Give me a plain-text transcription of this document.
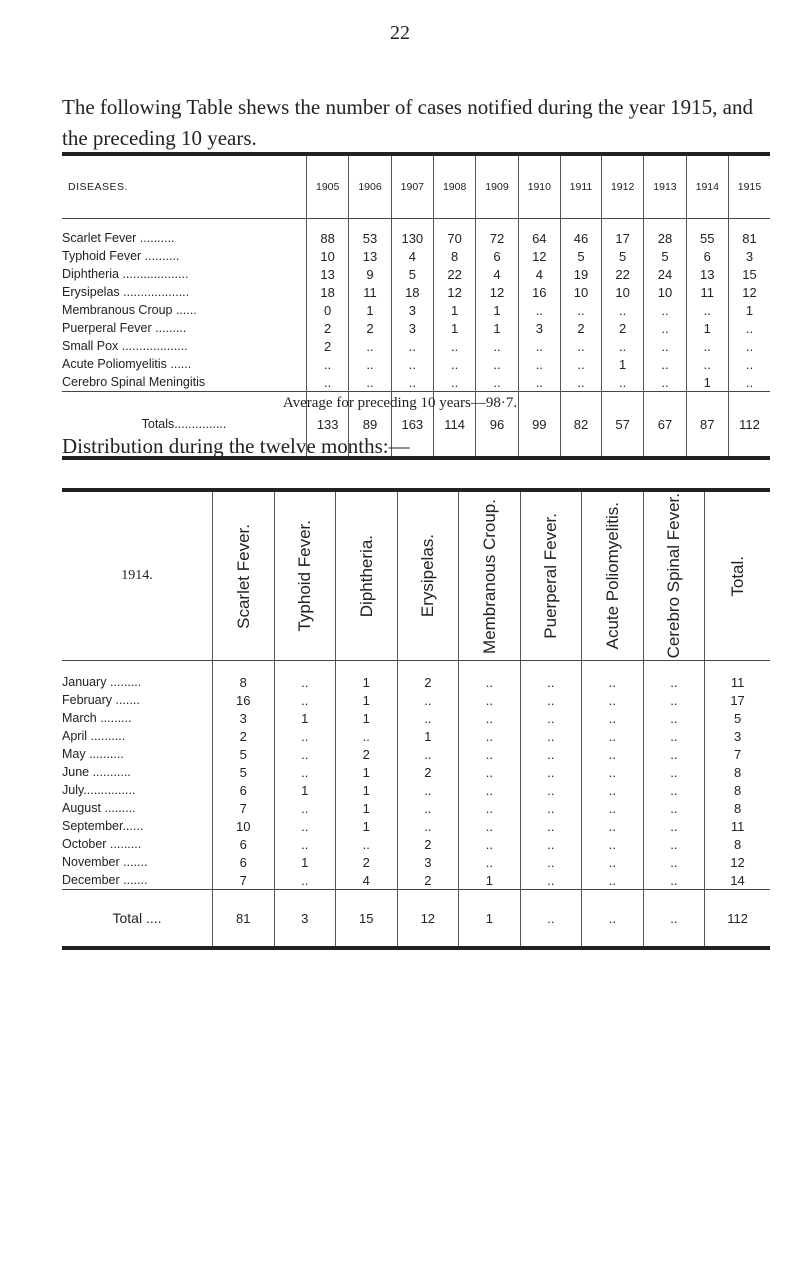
22
The following Table shews the number of cases notified during the year 1915, and the preceding 10 years.
DISEASES.	1905	1906	1907	1908	1909	1910	1911	1912	1913	1914	1915
Scarlet Fever ..........	88	53	130	70	72	64	46	17	28	55	81
Typhoid Fever ..........	10	13	4	8	6	12	5	5	5	6	3
Diphtheria ...................	13	9	5	22	4	4	19	22	24	13	15
Erysipelas ...................	18	11	18	12	12	16	10	10	10	11	12
Membranous Croup ......	0	1	3	1	1	..	..	..	..	..	1
Puerperal Fever .........	2	2	3	1	1	3	2	2	..	1	..
Small Pox ...................	2	..	..	..	..	..	..	..	..	..	..
Acute Poliomyelitis ......	..	..	..	..	..	..	..	1	..	..	..
Cerebro Spinal Meningitis	..	..	..	..	..	..	..	..	..	1	..
Totals...............	133	89	163	114	96	99	82	57	67	87	112
Average for preceding 10 years—98·7.
Distribution during the twelve months:—
1914.	Scarlet Fever.	Typhoid Fever.	Diphtheria.	Erysipelas.	Membranous Croup.	Puerperal Fever.	Acute Poliomyelitis.	Cerebro Spinal Fever.	Total.

January .........	8	..	1	2	..	..	..	..	11
February .......	16	..	1	..	..	..	..	..	17
March .........	3	1	1	..	..	..	..	..	5
April ..........	2	..	..	1	..	..	..	..	3
May ..........	5	..	2	..	..	..	..	..	7
June ...........	5	..	1	2	..	..	..	..	8
July...............	6	1	1	..	..	..	..	..	8
August .........	7	..	1	..	..	..	..	..	8
September......	10	..	1	..	..	..	..	..	11
October .........	6	..	..	2	..	..	..	..	8
November .......	6	1	2	3	..	..	..	..	12
December .......	7	..	4	2	1	..	..	..	14
Total ....	81	3	15	12	1	..	..	..	112
